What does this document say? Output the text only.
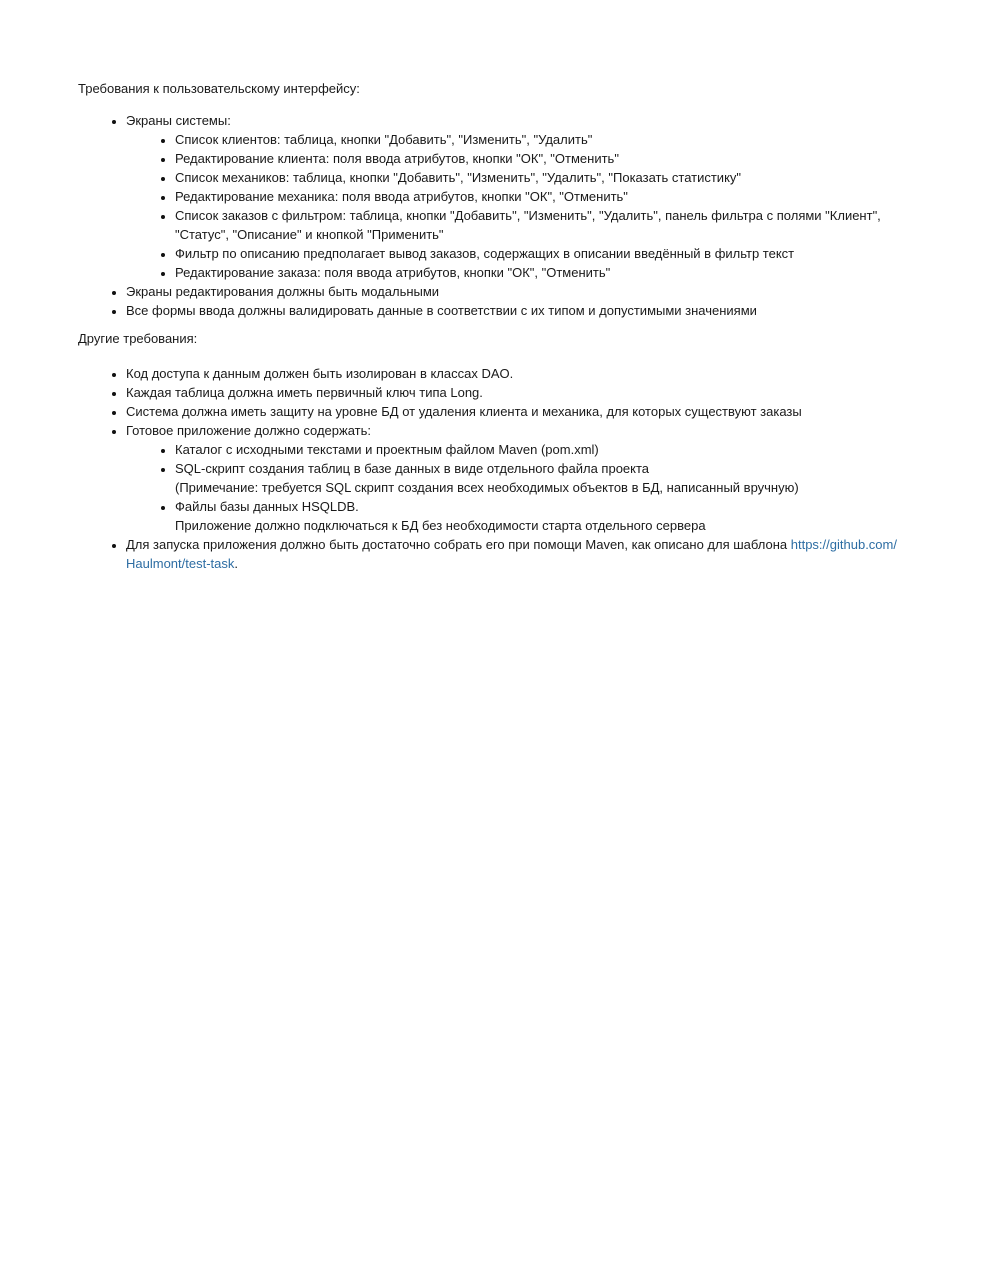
Требования к пользовательскому интерфейсу:

• Экраны системы:
• Список клиентов: таблица, кнопки "Добавить", "Изменить", "Удалить"
• Редактирование клиента: поля ввода атрибутов, кнопки "ОК", "Отменить"
• Список механиков: таблица, кнопки "Добавить", "Изменить", "Удалить", "Показать статистику"
• Редактирование механика: поля ввода атрибутов, кнопки "ОК", "Отменить"
• Список заказов с фильтром: таблица, кнопки "Добавить", "Изменить", "Удалить", панель фильтра с полями "Клиент", "Статус", "Описание" и кнопкой "Применить"
• Фильтр по описанию предполагает вывод заказов, содержащих в описании введённый в фильтр текст
• Редактирование заказа: поля ввода атрибутов, кнопки "ОК", "Отменить"
• Экраны редактирования должны быть модальными
• Все формы ввода должны валидировать данные в соответствии с их типом и допустимыми значениями

Другие требования:

• Код доступа к данным должен быть изолирован в классах DAO.
• Каждая таблица должна иметь первичный ключ типа Long.
• Система должна иметь защиту на уровне БД от удаления клиента и механика, для которых существуют заказы
• Готовое приложение должно содержать:
• Каталог с исходными текстами и проектным файлом Maven (pom.xml)
• SQL-скрипт создания таблиц в базе данных в виде отдельного файла проекта
(Примечание: требуется SQL скрипт создания всех необходимых объектов в БД, написанный вручную)
• Файлы базы данных HSQLDB.
Приложение должно подключаться к БД без необходимости старта отдельного сервера
• Для запуска приложения должно быть достаточно собрать его при помощи Maven, как описано для шаблона https://github.com/Haulmont/test-task.
